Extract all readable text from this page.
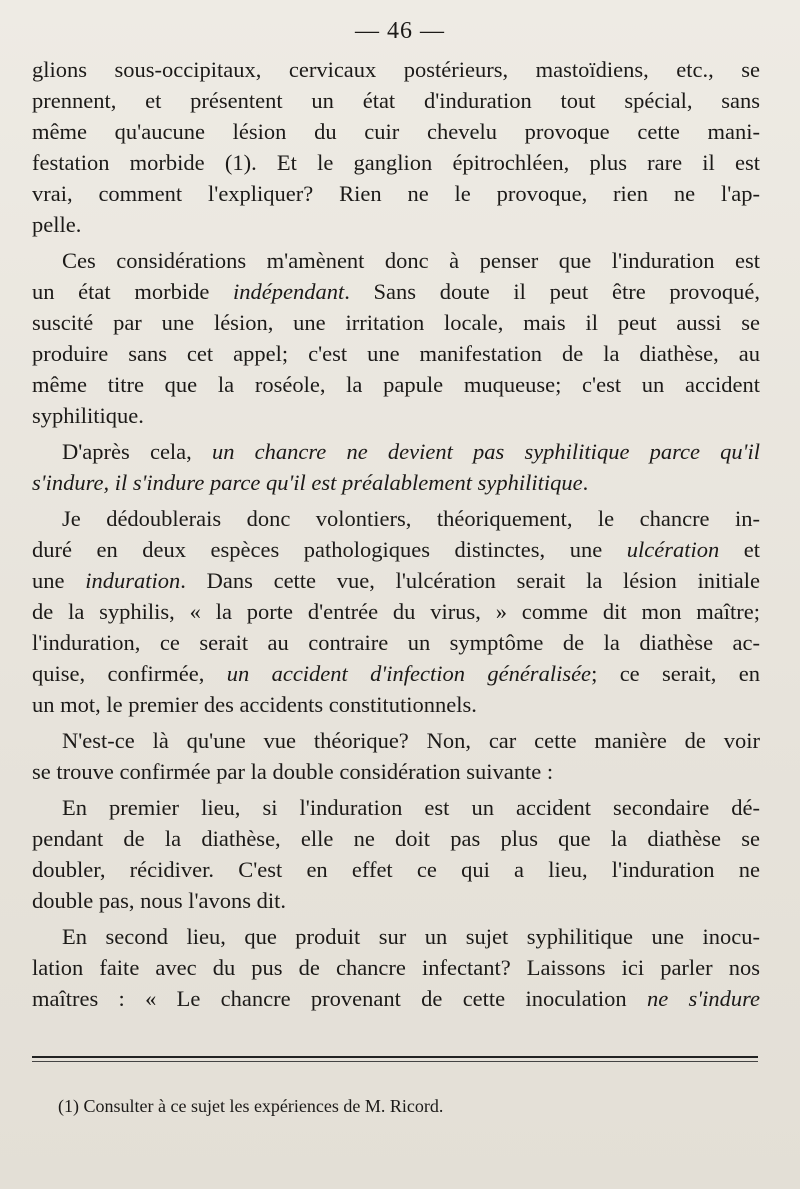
— 46 —
glions sous-occipitaux, cervicaux postérieurs, mastoïdiens, etc., se
prennent, et présentent un état d'induration tout spécial, sans
même qu'aucune lésion du cuir chevelu provoque cette mani-
festation morbide (1). Et le ganglion épitrochléen, plus rare il est
vrai, comment l'expliquer? Rien ne le provoque, rien ne l'ap-
pelle.
Ces considérations m'amènent donc à penser que l'induration est
un état morbide indépendant. Sans doute il peut être provoqué,
suscité par une lésion, une irritation locale, mais il peut aussi se
produire sans cet appel; c'est une manifestation de la diathèse, au
même titre que la roséole, la papule muqueuse; c'est un accident
syphilitique.
D'après cela, un chancre ne devient pas syphilitique parce qu'il
s'indure, il s'indure parce qu'il est préalablement syphilitique.
Je dédoublerais donc volontiers, théoriquement, le chancre in-
duré en deux espèces pathologiques distinctes, une ulcération et
une induration. Dans cette vue, l'ulcération serait la lésion initiale
de la syphilis, « la porte d'entrée du virus, » comme dit mon maître;
l'induration, ce serait au contraire un symptôme de la diathèse ac-
quise, confirmée, un accident d'infection généralisée; ce serait, en
un mot, le premier des accidents constitutionnels.
N'est-ce là qu'une vue théorique? Non, car cette manière de voir
se trouve confirmée par la double considération suivante :
En premier lieu, si l'induration est un accident secondaire dé-
pendant de la diathèse, elle ne doit pas plus que la diathèse se
doubler, récidiver. C'est en effet ce qui a lieu, l'induration ne
double pas, nous l'avons dit.
En second lieu, que produit sur un sujet syphilitique une inocu-
lation faite avec du pus de chancre infectant? Laissons ici parler nos
maîtres : « Le chancre provenant de cette inoculation ne s'indure
(1) Consulter à ce sujet les expériences de M. Ricord.
